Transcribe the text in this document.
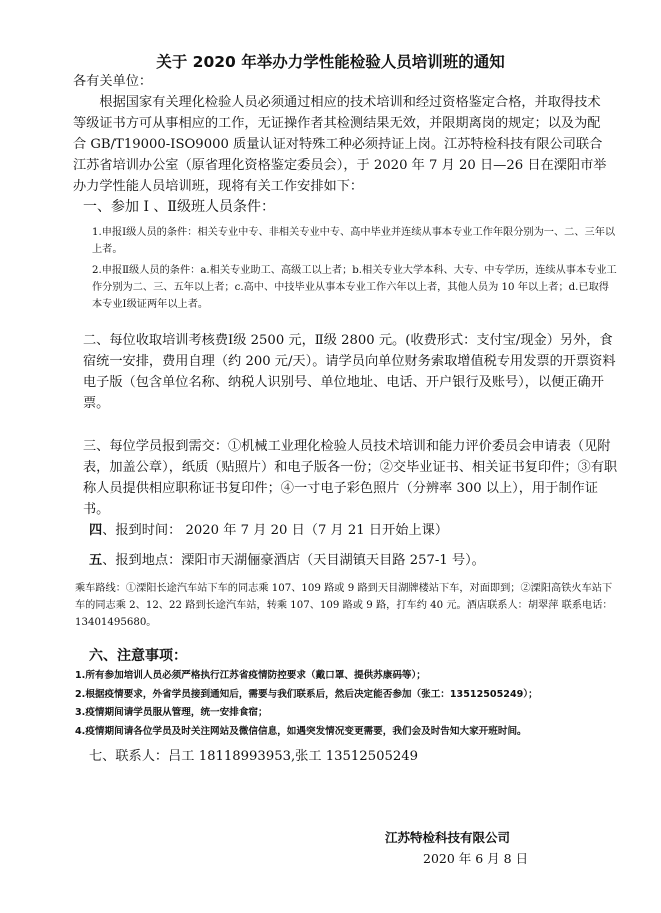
关于 2020 年举办力学性能检验人员培训班的通知
各有关单位：
根据国家有关理化检验人员必须通过相应的技术培训和经过资格鉴定合格，并取得技术等级证书方可从事相应的工作，无证操作者其检测结果无效，并限期离岗的规定；以及为配合 GB/T19000-ISO9000 质量认证对特殊工种必须持证上岗。江苏特检科技有限公司联合江苏省培训办公室（原省理化资格鉴定委员会），于 2020 年 7 月 20 日—26 日在溧阳市举办力学性能人员培训班，现将有关工作安排如下：
一、参加 Ⅰ 、Ⅱ级班人员条件：
1.申报Ⅰ级人员的条件：相关专业中专、非相关专业中专、高中毕业并连续从事本专业工作年限分别为一、二、三年以上者。
2.申报Ⅱ级人员的条件：a.相关专业助工、高级工以上者；b.相关专业大学本科、大专、中专学历，连续从事本专业工作分别为二、三、五年以上者；c.高中、中技毕业从事本专业工作六年以上者，其他人员为 10 年以上者；d.已取得本专业Ⅰ级证两年以上者。
二、每位收取培训考核费Ⅰ级 2500 元，Ⅱ级 2800 元。(收费形式：支付宝/现金）另外，食宿统一安排，费用自理（约 200 元/天）。请学员向单位财务索取增值税专用发票的开票资料电子版（包含单位名称、纳税人识别号、单位地址、电话、开户银行及账号），以便正确开票。
三、每位学员报到需交：①机械工业理化检验人员技术培训和能力评价委员会申请表（见附表，加盖公章），纸质（贴照片）和电子版各一份；②交毕业证书、相关证书复印件；③有职称人员提供相应职称证书复印件；④一寸电子彩色照片（分辨率 300 以上），用于制作证书。
四、报到时间： 2020 年 7 月 20 日（7 月 21 日开始上课）
五、报到地点：溧阳市天湖俪豪酒店（天目湖镇天目路 257-1 号）。
乘车路线：①溧阳长途汽车站下车的同志乘 107、109 路或 9 路到天目湖牌楼站下车，对面即到；②溧阳高铁火车站下车的同志乘 2、12、22 路到长途汽车站，转乘 107、109 路或 9 路，打车约 40 元。酒店联系人：胡翠萍 联系电话：13401495680。
六、注意事项：
1.所有参加培训人员必须严格执行江苏省疫情防控要求（戴口罩、提供苏康码等）；
2.根据疫情要求，外省学员接到通知后，需要与我们联系后，然后决定能否参加（张工：13512505249）；
3.疫情期间请学员服从管理，统一安排食宿；
4.疫情期间请各位学员及时关注网站及微信信息，如遇突发情况变更需要，我们会及时告知大家开班时间。
七、联系人：吕工 18118993953,张工 13512505249
江苏特检科技有限公司
2020 年 6 月 8 日
